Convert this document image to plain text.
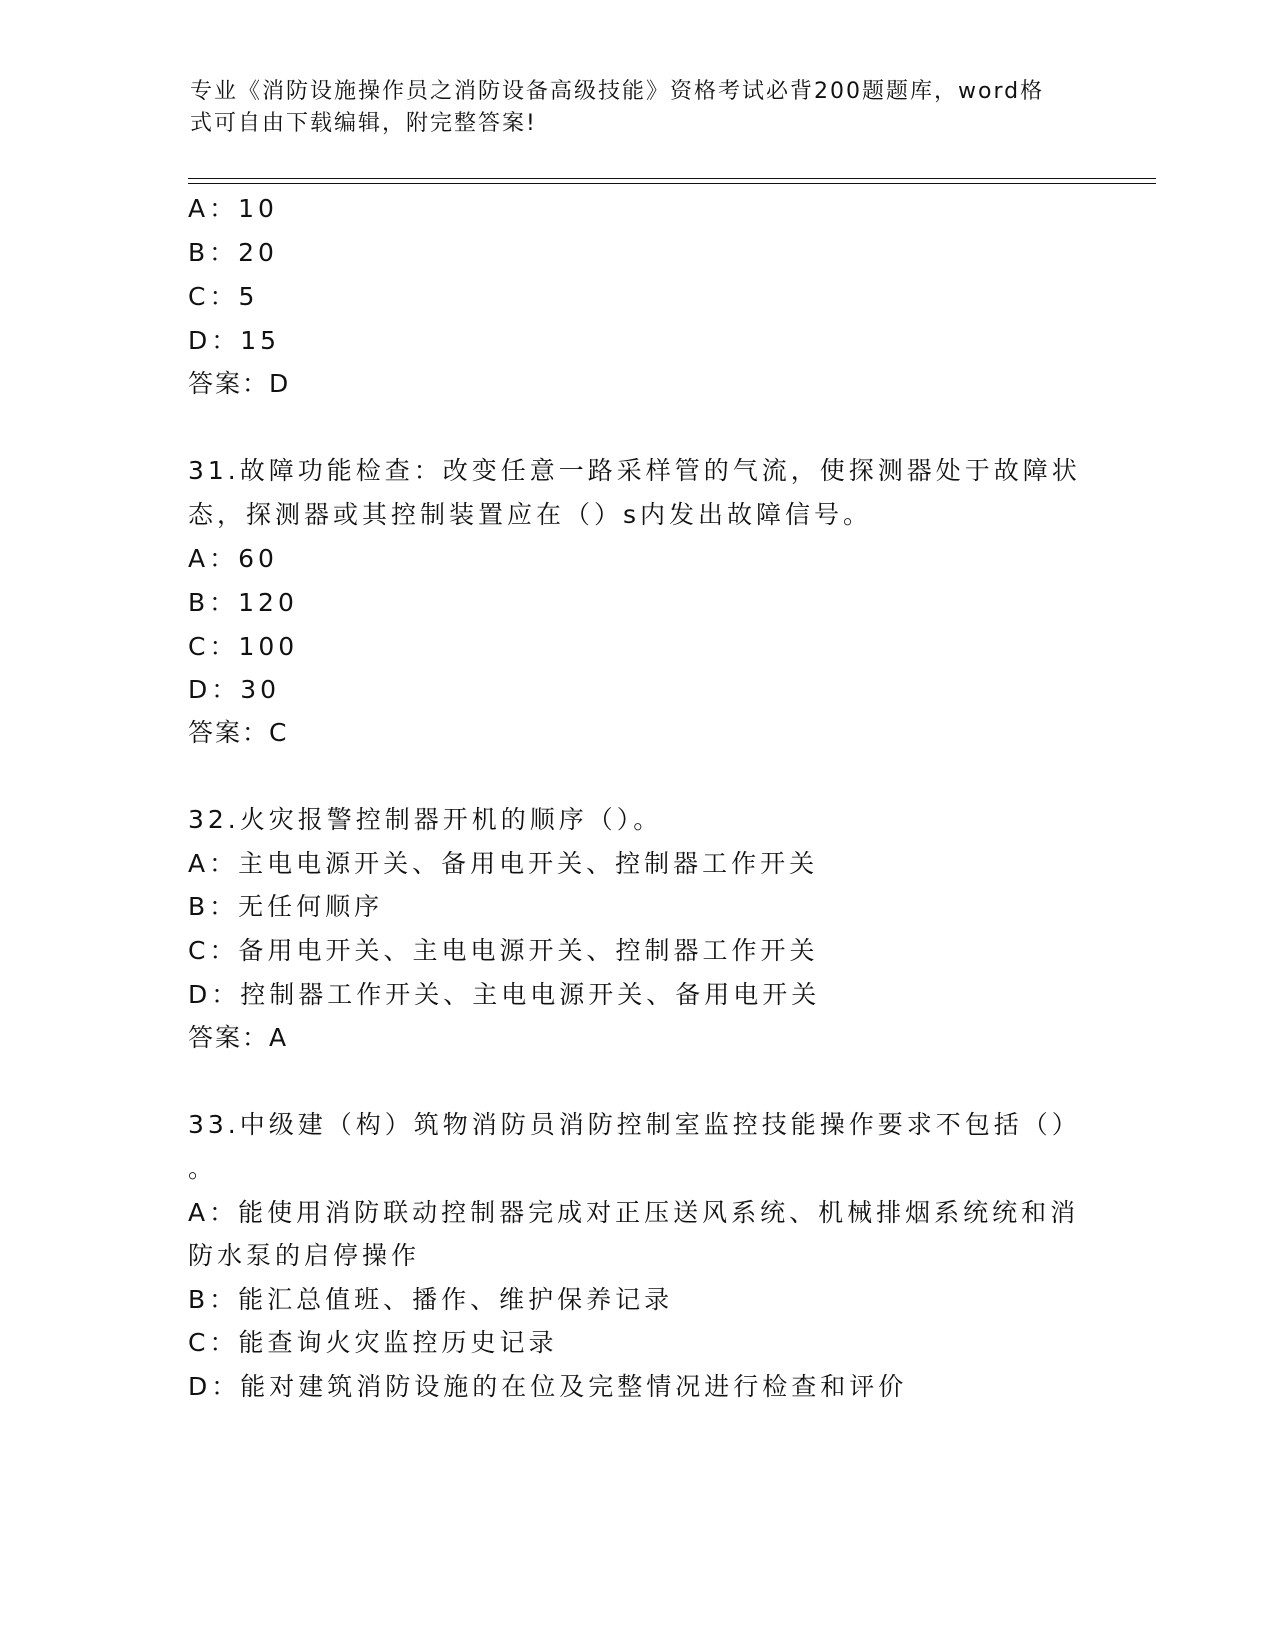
专业《消防设施操作员之消防设备高级技能》资格考试必背200题题库，word格
式可自由下载编辑，附完整答案!
A：10
B：20
C：5
D：15
答案：D
31.故障功能检查：改变任意一路采样管的气流，使探测器处于故障状
态，探测器或其控制装置应在（）s内发出故障信号。
A：60
B：120
C：100
D：30
答案：C
32.火灾报警控制器开机的顺序（）。
A：主电电源开关、备用电开关、控制器工作开关
B：无任何顺序
C：备用电开关、主电电源开关、控制器工作开关
D：控制器工作开关、主电电源开关、备用电开关
答案：A
33.中级建（构）筑物消防员消防控制室监控技能操作要求不包括（）
。
A：能使用消防联动控制器完成对正压送风系统、机械排烟系统统和消
防水泵的启停操作
B：能汇总值班、播作、维护保养记录
C：能查询火灾监控历史记录
D：能对建筑消防设施的在位及完整情况进行检查和评价
